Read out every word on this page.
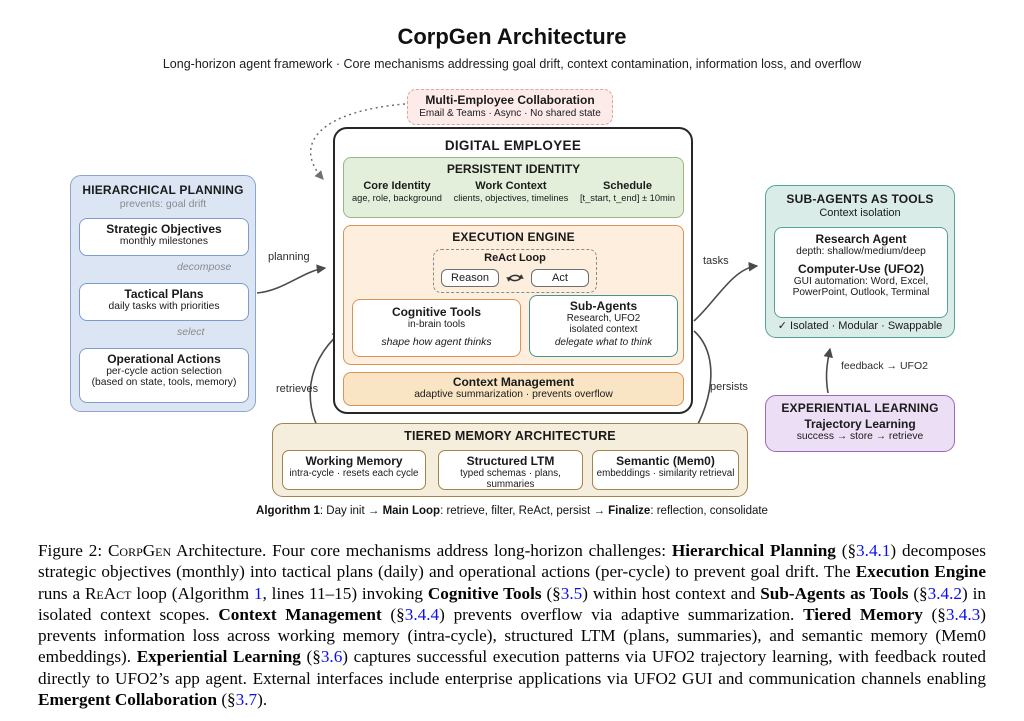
CorpGen Architecture
Long-horizon agent framework · Core mechanisms addressing goal drift, context contamination, information loss, and overflow
planning
retrieves
tasks
persists
feedback → UFO2
Multi-Employee Collaboration
Email & Teams · Async · No shared state
HIERARCHICAL PLANNING
prevents: goal drift
Strategic Objectives
monthly milestones
Tactical Plans
daily tasks with priorities
Operational Actions
per-cycle action selection
(based on state, tools, memory)
decompose
select
DIGITAL EMPLOYEE
PERSISTENT IDENTITY
Core Identity
age, role, background
Work Context
clients, objectives, timelines
Schedule
[t_start, t_end] ± 10min
EXECUTION ENGINE
ReAct Loop
Reason	Act
Cognitive Tools
in-brain tools
shape how agent thinks
Sub-Agents
Research, UFO2
isolated context
delegate what to think
Context Management
adaptive summarization · prevents overflow
SUB-AGENTS AS TOOLS
Context isolation
Research Agent
depth: shallow/medium/deep
Computer-Use (UFO2)
GUI automation: Word, Excel,
PowerPoint, Outlook, Terminal
✓ Isolated · Modular · Swappable
EXPERIENTIAL LEARNING
Trajectory Learning
success → store → retrieve
TIERED MEMORY ARCHITECTURE
Working Memory
intra-cycle · resets each cycle
Structured LTM
typed schemas · plans, summaries
Semantic (Mem0)
embeddings · similarity retrieval
Algorithm 1: Day init → Main Loop: retrieve, filter, ReAct, persist → Finalize: reflection, consolidate
Figure 2: CorpGen Architecture. Four core mechanisms address long-horizon challenges: Hierarchical Planning (§3.4.1) decomposes strategic objectives (monthly) into tactical plans (daily) and operational actions (per-cycle) to prevent goal drift. The Execution Engine runs a ReAct loop (Algorithm 1, lines 11–15) invoking Cognitive Tools (§3.5) within host context and Sub-Agents as Tools (§3.4.2) in isolated context scopes. Context Management (§3.4.4) prevents overflow via adaptive summarization. Tiered Memory (§3.4.3) prevents information loss across working memory (intra-cycle), structured LTM (plans, summaries), and semantic memory (Mem0 embeddings). Experiential Learning (§3.6) captures successful execution patterns via UFO2 trajectory learning, with feedback routed directly to UFO2’s app agent. External interfaces include enterprise applications via UFO2 GUI and communication channels enabling Emergent Collaboration (§3.7).
